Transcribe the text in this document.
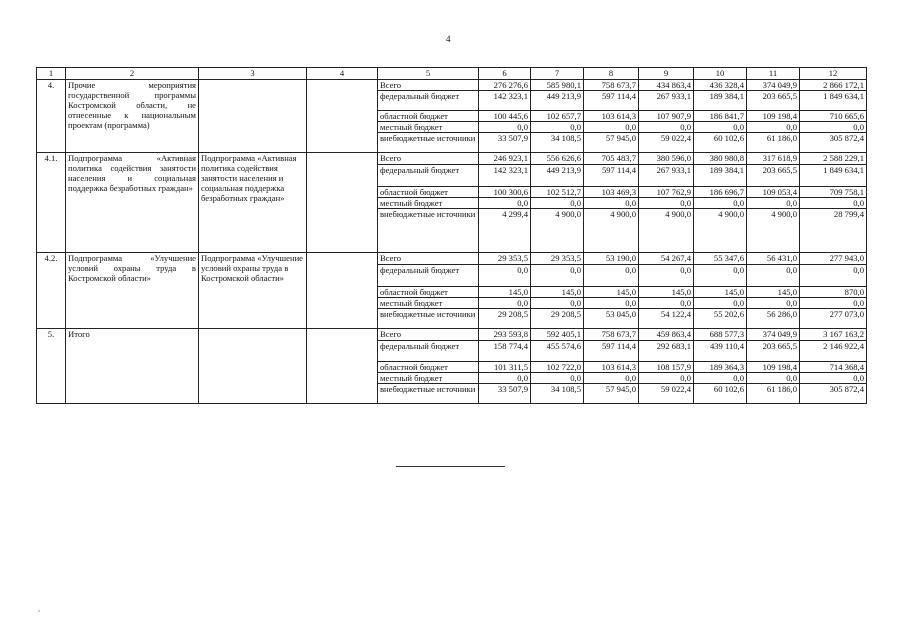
4
1	2	3	4	5	6	7	8	9	10	11	12
4.	Прочие мероприятия государственной программы Костромской области, не отнесенные к национальным проектам (программа)			Всего	276 276,6	585 980,1	758 673,7	434 863,4	436 328,4	374 049,9	2 866 172,1
				федеральный бюджет	142 323,1	449 213,9	597 114,4	267 933,1	189 384,1	203 665,5	1 849 634,1
				областной бюджет	100 445,6	102 657,7	103 614,3	107 907,9	186 841,7	109 198,4	710 665,6
				местный бюджет	0,0	0,0	0,0	0,0	0,0	0,0	0,0
				внебюджетные источники	33 507,9	34 108,5	57 945,0	59 022,4	60 102,6	61 186,0	305 872,4
4.1.	Подпрограмма «Активная политика содействия занятости населения и социальная поддержка безработных граждан»	Подпрограмма «Активная политика содействия занятости населения и социальная поддержка безработных граждан»		Всего	246 923,1	556 626,6	705 483,7	380 596,0	380 980,8	317 618,9	2 588 229,1
				федеральный бюджет	142 323,1	449 213,9	597 114,4	267 933,1	189 384,1	203 665,5	1 849 634,1
				областной бюджет	100 300,6	102 512,7	103 469,3	107 762,9	186 696,7	109 053,4	709 758,1
				местный бюджет	0,0	0,0	0,0	0,0	0,0	0,0	0,0
				внебюджетные источники	4 299,4	4 900,0	4 900,0	4 900,0	4 900,0	4 900,0	28 799,4
4.2.	Подпрограмма «Улучшение условий охраны труда в Костромской области»	Подпрограмма «Улучшение условий охраны труда в Костромской области»		Всего	29 353,5	29 353,5	53 190,0	54 267,4	55 347,6	56 431,0	277 943,0
				федеральный бюджет	0,0	0,0	0,0	0,0	0,0	0,0	0,0
				областной бюджет	145,0	145,0	145,0	145,0	145,0	145,0	870,0
				местный бюджет	0,0	0,0	0,0	0,0	0,0	0,0	0,0
				внебюджетные источники	29 208,5	29 208,5	53 045,0	54 122,4	55 202,6	56 286,0	277 073,0
5.	Итого			Всего	293 593,8	592 405,1	758 673,7	459 863,4	688 577,3	374 049,9	3 167 163,2
				федеральный бюджет	158 774,4	455 574,6	597 114,4	292 683,1	439 110,4	203 665,5	2 146 922,4
				областной бюджет	101 311,5	102 722,0	103 614,3	108 157,9	189 364,3	109 198,4	714 368,4
				местный бюджет	0,0	0,0	0,0	0,0	0,0	0,0	0,0
				внебюджетные источники	33 507,9	34 108,5	57 945,0	59 022,4	60 102,6	61 186,0	305 872,4
